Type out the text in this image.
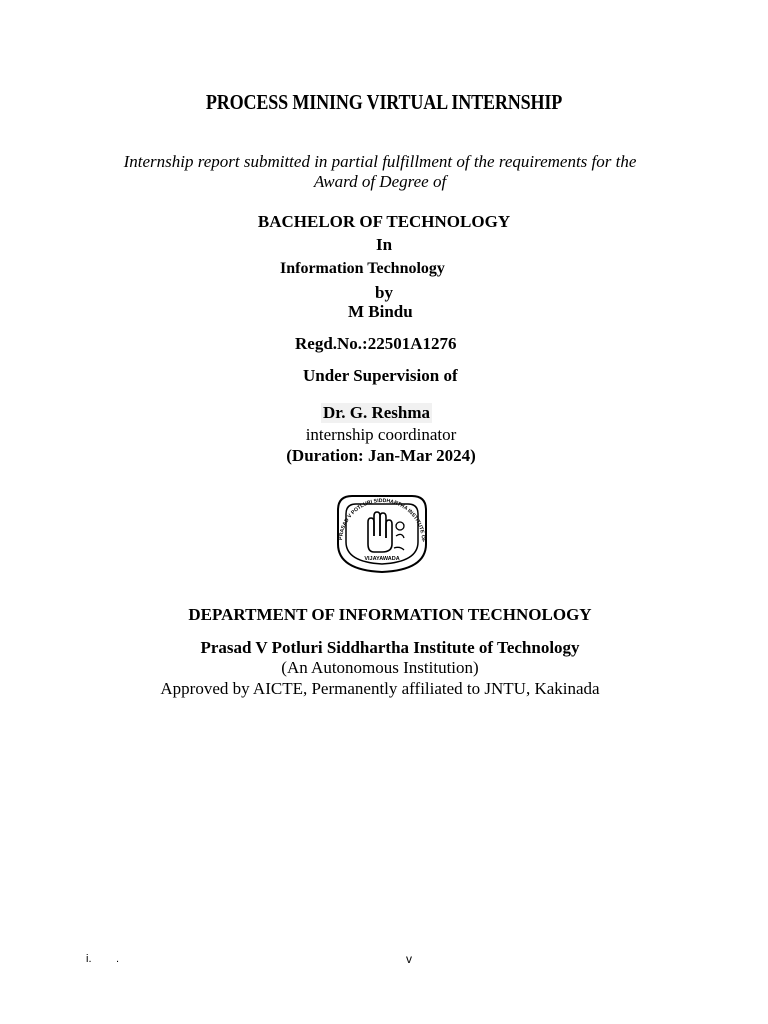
PROCESS MINING VIRTUAL INTERNSHIP
Internship report submitted in partial fulfillment of the requirements for the Award of Degree of
BACHELOR OF TECHNOLOGY
In
Information Technology
by
M Bindu
Regd.No.:22501A1276
Under Supervision of
Dr. G. Reshma
internship coordinator
(Duration: Jan-Mar 2024)
PRASAD V POTLURI SIDDHARTHA INSTITUTE OF
VIJAYAWADA
DEPARTMENT OF INFORMATION TECHNOLOGY
Prasad V Potluri Siddhartha Institute of Technology
(An Autonomous Institution)
Approved by AICTE, Permanently affiliated to JNTU, Kakinada
i. .	v
